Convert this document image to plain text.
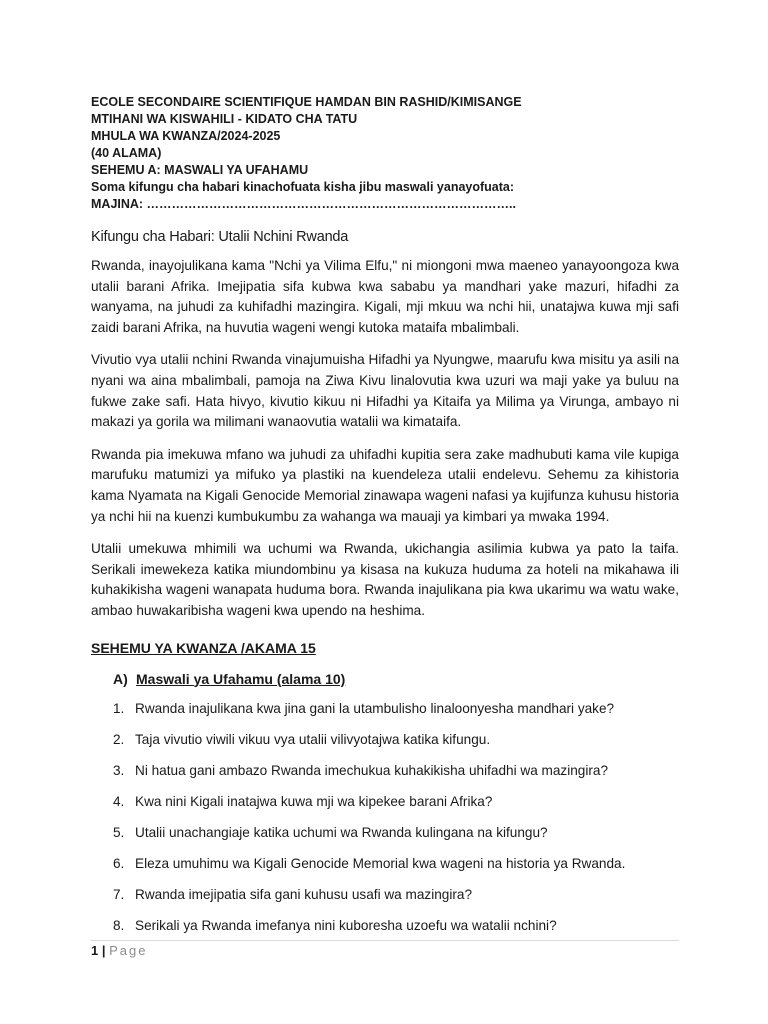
ECOLE SECONDAIRE SCIENTIFIQUE HAMDAN BIN RASHID/KIMISANGE

MTIHANI WA KISWAHILI - KIDATO CHA TATU

MHULA WA KWANZA/2024-2025

(40 ALAMA)

SEHEMU A: MASWALI YA UFAHAMU

Soma kifungu cha habari kinachofuata kisha jibu maswali yanayofuata:

MAJINA: ……………………………………………………………………………..

Kifungu cha Habari: Utalii Nchini Rwanda

Rwanda, inayojulikana kama "Nchi ya Vilima Elfu," ni miongoni mwa maeneo yanayoongoza kwa utalii barani Afrika. Imejipatia sifa kubwa kwa sababu ya mandhari yake mazuri, hifadhi za wanyama, na juhudi za kuhifadhi mazingira. Kigali, mji mkuu wa nchi hii, unatajwa kuwa mji safi zaidi barani Afrika, na huvutia wageni wengi kutoka mataifa mbalimbali.

Vivutio vya utalii nchini Rwanda vinajumuisha Hifadhi ya Nyungwe, maarufu kwa misitu ya asili na nyani wa aina mbalimbali, pamoja na Ziwa Kivu linalovutia kwa uzuri wa maji yake ya buluu na fukwe zake safi. Hata hivyo, kivutio kikuu ni Hifadhi ya Kitaifa ya Milima ya Virunga, ambayo ni makazi ya gorila wa milimani wanaovutia watalii wa kimataifa.

Rwanda pia imekuwa mfano wa juhudi za uhifadhi kupitia sera zake madhubuti kama vile kupiga marufuku matumizi ya mifuko ya plastiki na kuendeleza utalii endelevu. Sehemu za kihistoria kama Nyamata na Kigali Genocide Memorial zinawapa wageni nafasi ya kujifunza kuhusu historia ya nchi hii na kuenzi kumbukumbu za wahanga wa mauaji ya kimbari ya mwaka 1994.

Utalii umekuwa mhimili wa uchumi wa Rwanda, ukichangia asilimia kubwa ya pato la taifa. Serikali imewekeza katika miundombinu ya kisasa na kukuza huduma za hoteli na mikahawa ili kuhakikisha wageni wanapata huduma bora. Rwanda inajulikana pia kwa ukarimu wa watu wake, ambao huwakaribisha wageni kwa upendo na heshima.

SEHEMU YA KWANZA /AKAMA 15

A) Maswali ya Ufahamu (alama 10)
1. Rwanda inajulikana kwa jina gani la utambulisho linaloonyesha mandhari yake?
2. Taja vivutio viwili vikuu vya utalii vilivyotajwa katika kifungu.
3. Ni hatua gani ambazo Rwanda imechukua kuhakikisha uhifadhi wa mazingira?
4. Kwa nini Kigali inatajwa kuwa mji wa kipekee barani Afrika?
5. Utalii unachangiaje katika uchumi wa Rwanda kulingana na kifungu?
6. Eleza umuhimu wa Kigali Genocide Memorial kwa wageni na historia ya Rwanda.
7. Rwanda imejipatia sifa gani kuhusu usafi wa mazingira?
8. Serikali ya Rwanda imefanya nini kuboresha uzoefu wa watalii nchini?
1 | Page
